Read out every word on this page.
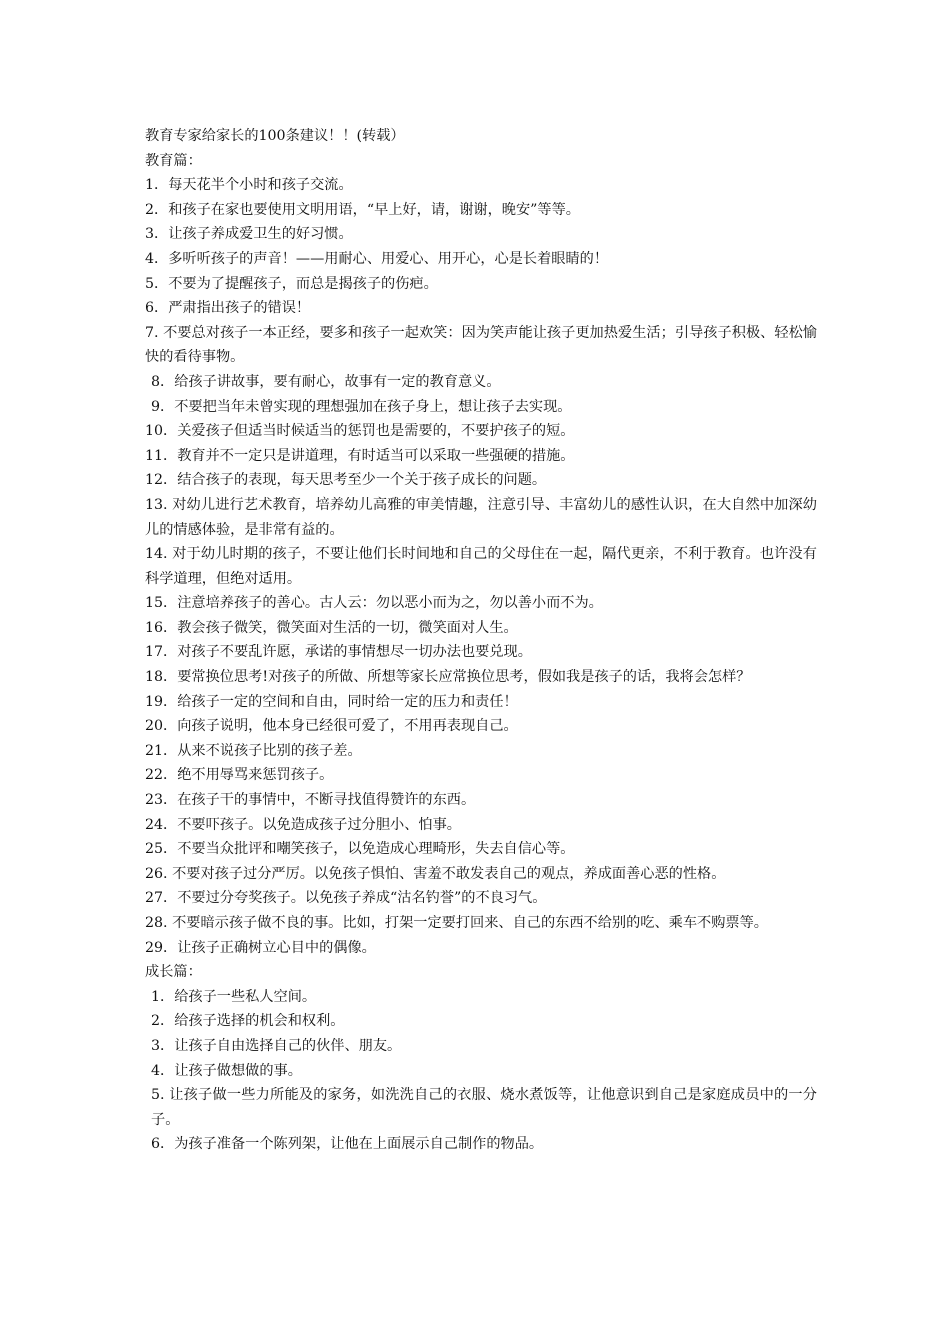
教育专家给家长的100条建议！！(转载）

教育篇：

1．每天花半个小时和孩子交流。

2．和孩子在家也要使用文明用语，“早上好，请，谢谢，晚安”等等。

3．让孩子养成爱卫生的好习惯。

4．多听听孩子的声音！——用耐心、用爱心、用开心，心是长着眼睛的！

5．不要为了提醒孩子，而总是揭孩子的伤疤。

6．严肃指出孩子的错误！

7. 不要总对孩子一本正经，要多和孩子一起欢笑：因为笑声能让孩子更加热爱生活；引导孩子积极、轻松愉快的看待事物。

8．给孩子讲故事，要有耐心，故事有一定的教育意义。

9．不要把当年未曾实现的理想强加在孩子身上，想让孩子去实现。

10．关爱孩子但适当时候适当的惩罚也是需要的，不要护孩子的短。

11．教育并不一定只是讲道理，有时适当可以采取一些强硬的措施。

12．结合孩子的表现，每天思考至少一个关于孩子成长的问题。

13. 对幼儿进行艺术教育，培养幼儿高雅的审美情趣，注意引导、丰富幼儿的感性认识，在大自然中加深幼儿的情感体验，是非常有益的。

14. 对于幼儿时期的孩子，不要让他们长时间地和自己的父母住在一起，隔代更亲，不利于教育。也许没有科学道理，但绝对适用。

15．注意培养孩子的善心。古人云：勿以恶小而为之，勿以善小而不为。

16．教会孩子微笑，微笑面对生活的一切，微笑面对人生。

17．对孩子不要乱许愿，承诺的事情想尽一切办法也要兑现。

18．要常换位思考!对孩子的所做、所想等家长应常换位思考，假如我是孩子的话，我将会怎样？

19．给孩子一定的空间和自由，同时给一定的压力和责任！

20．向孩子说明，他本身已经很可爱了，不用再表现自己。

21．从来不说孩子比别的孩子差。

22．绝不用辱骂来惩罚孩子。

23．在孩子干的事情中，不断寻找值得赞许的东西。

24．不要吓孩子。以免造成孩子过分胆小、怕事。

25．不要当众批评和嘲笑孩子，以免造成心理畸形，失去自信心等。

26. 不要对孩子过分严厉。以免孩子惧怕、害羞不敢发表自己的观点，养成面善心恶的性格。

27．不要过分夸奖孩子。以免孩子养成“沽名钓誉”的不良习气。

28. 不要暗示孩子做不良的事。比如，打架一定要打回来、自己的东西不给别的吃、乘车不购票等。

29．让孩子正确树立心目中的偶像。

成长篇：

1．给孩子一些私人空间。

2．给孩子选择的机会和权利。

3．让孩子自由选择自己的伙伴、朋友。

4．让孩子做想做的事。

5. 让孩子做一些力所能及的家务，如洗洗自己的衣服、烧水煮饭等，让他意识到自己是家庭成员中的一分子。

6．为孩子准备一个陈列架，让他在上面展示自己制作的物品。
